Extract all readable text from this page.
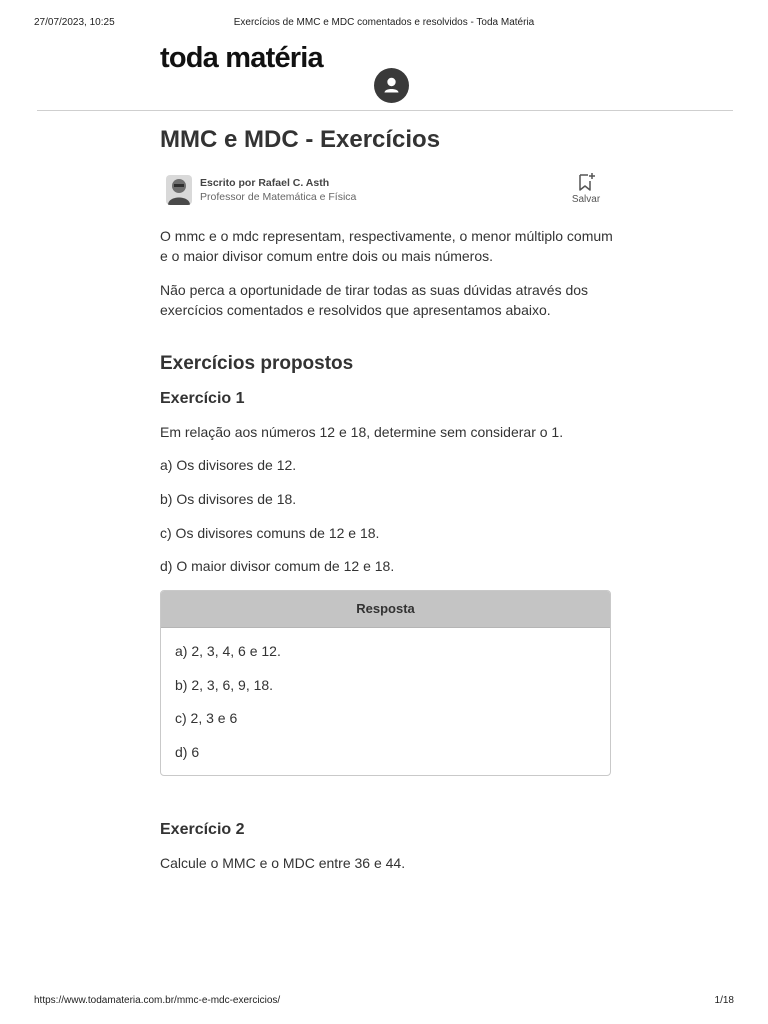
27/07/2023, 10:25	Exercícios de MMC e MDC comentados e resolvidos - Toda Matéria
toda matéria
MMC e MDC - Exercícios
Escrito por Rafael C. Asth
Professor de Matemática e Física	Salvar

O mmc e o mdc representam, respectivamente, o menor múltiplo comum e o maior divisor comum entre dois ou mais números.

Não perca a oportunidade de tirar todas as suas dúvidas através dos exercícios comentados e resolvidos que apresentamos abaixo.

Exercícios propostos
Exercício 1

Em relação aos números 12 e 18, determine sem considerar o 1.

a) Os divisores de 12.

b) Os divisores de 18.

c) Os divisores comuns de 12 e 18.

d) O maior divisor comum de 12 e 18.

Resposta

a) 2, 3, 4, 6 e 12.

b) 2, 3, 6, 9, 18.

c) 2, 3 e 6

d) 6

Exercício 2

Calcule o MMC e o MDC entre 36 e 44.

https://www.todamateria.com.br/mmc-e-mdc-exercicios/	1/18
